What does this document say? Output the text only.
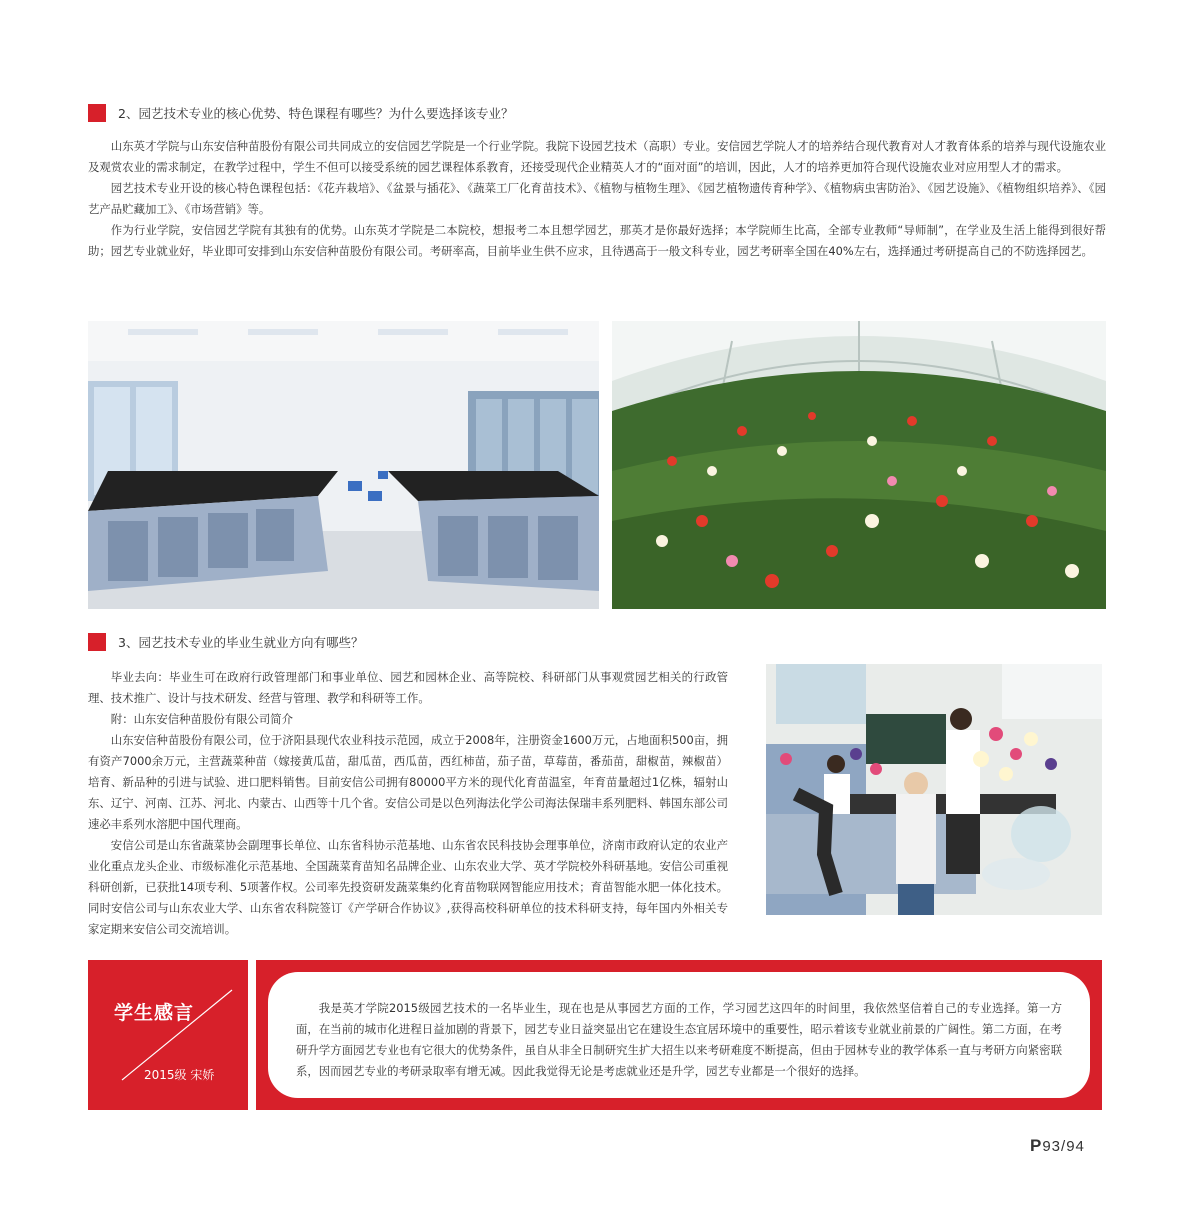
2、园艺技术专业的核心优势、特色课程有哪些？为什么要选择该专业？

山东英才学院与山东安信种苗股份有限公司共同成立的安信园艺学院是一个行业学院。我院下设园艺技术（高职）专业。安信园艺学院人才的培养结合现代教育对人才教育体系的培养与现代设施农业及观赏农业的需求制定，在教学过程中，学生不但可以接受系统的园艺课程体系教育，还接受现代企业精英人才的“面对面”的培训，因此，人才的培养更加符合现代设施农业对应用型人才的需求。

园艺技术专业开设的核心特色课程包括：《花卉栽培》、《盆景与插花》、《蔬菜工厂化育苗技术》、《植物与植物生理》、《园艺植物遗传育种学》、《植物病虫害防治》、《园艺设施》、《植物组织培养》、《园艺产品贮藏加工》、《市场营销》等。

作为行业学院，安信园艺学院有其独有的优势。山东英才学院是二本院校，想报考二本且想学园艺，那英才是你最好选择；本学院师生比高，全部专业教师“导师制”，在学业及生活上能得到很好帮助；园艺专业就业好，毕业即可安排到山东安信种苗股份有限公司。考研率高，目前毕业生供不应求，且待遇高于一般文科专业，园艺考研率全国在40%左右，选择通过考研提高自己的不防选择园艺。

3、园艺技术专业的毕业生就业方向有哪些？

毕业去向：毕业生可在政府行政管理部门和事业单位、园艺和园林企业、高等院校、科研部门从事观赏园艺相关的行政管理、技术推广、设计与技术研发、经营与管理、教学和科研等工作。

附：山东安信种苗股份有限公司简介

山东安信种苗股份有限公司，位于济阳县现代农业科技示范园，成立于2008年，注册资金1600万元，占地面积500亩，拥有资产7000余万元，主营蔬菜种苗（嫁接黄瓜苗，甜瓜苗，西瓜苗，西红柿苗，茄子苗，草莓苗，番茄苗，甜椒苗，辣椒苗）培育、新品种的引进与试验、进口肥料销售。目前安信公司拥有80000平方米的现代化育苗温室，年育苗量超过1亿株，辐射山东、辽宁、河南、江苏、河北、内蒙古、山西等十几个省。安信公司是以色列海法化学公司海法保瑞丰系列肥料、韩国东部公司速必丰系列水溶肥中国代理商。

安信公司是山东省蔬菜协会副理事长单位、山东省科协示范基地、山东省农民科技协会理事单位，济南市政府认定的农业产业化重点龙头企业、市级标准化示范基地、全国蔬菜育苗知名品牌企业、山东农业大学、英才学院校外科研基地。安信公司重视科研创新，已获批14项专利、5项著作权。公司率先投资研发蔬菜集约化育苗物联网智能应用技术；育苗智能水肥一体化技术。同时安信公司与山东农业大学、山东省农科院签订《产学研合作协议》,获得高校科研单位的技术科研支持，每年国内外相关专家定期来安信公司交流培训。

学生感言
2015级 宋娇

我是英才学院2015级园艺技术的一名毕业生，现在也是从事园艺方面的工作，学习园艺这四年的时间里，我依然坚信着自己的专业选择。第一方面，在当前的城市化进程日益加剧的背景下，园艺专业日益突显出它在建设生态宜居环境中的重要性，昭示着该专业就业前景的广阔性。第二方面，在考研升学方面园艺专业也有它很大的优势条件，虽自从非全日制研究生扩大招生以来考研难度不断提高，但由于园林专业的教学体系一直与考研方向紧密联系，因而园艺专业的考研录取率有增无减。因此我觉得无论是考虑就业还是升学，园艺专业都是一个很好的选择。

P93/94
